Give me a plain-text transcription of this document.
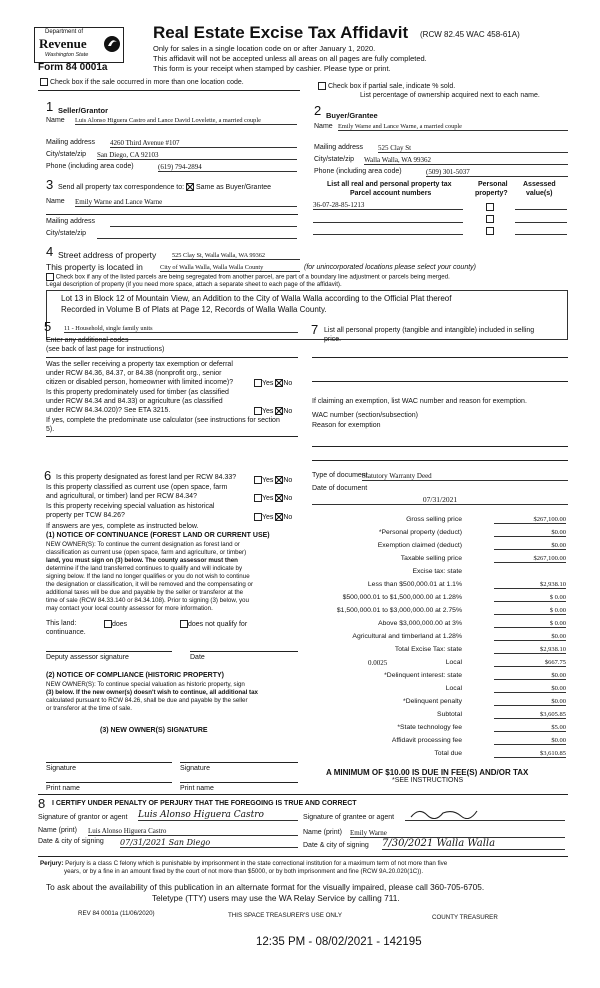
Department of
Revenue
Washington State
Form 84 0001a
Real Estate Excise Tax Affidavit (RCW 82.45 WAC 458-61A)
Only for sales in a single location code on or after January 1, 2020.
This affidavit will not be accepted unless all areas on all pages are fully completed.
This form is your receipt when stamped by cashier. Please type or print.
Check box if the sale occurred in more than one location code.
Check box if partial sale, indicate % sold.
List percentage of ownership acquired next to each name.
1 Seller/Grantor
Name Luis Alonso Higuera Castro and Lance David Lovelette, a married couple
Mailing address 4260 Third Avenue #107
City/state/zip San Diego, CA 92103
Phone (including area code)	(619) 794-2894
2 Buyer/Grantee
Name Emily Warne and Lance Warne, a married couple
Mailing address 525 Clay St
City/state/zip Walla Walla, WA 99362
Phone (including area code)	(509) 301-5037
3 Send all property tax correspondence to: Same as Buyer/Grantee
Name Emily Warne and Lance Warne
Mailing address
City/state/zip
List all real and personal property tax
Parcel account numbers
Personal
property?
Assessed
value(s)
36-07-28-85-1213
4 Street address of property 525 Clay St, Walla Walla, WA 99362
This property is located in	City of Walla Walla, Walla Walla County	(for unincorporated locations please select your county)
Check box if any of the listed parcels are being segregated from another parcel, are part of a boundary line adjustment or parcels being merged.
Legal description of property (if you need more space, attach a separate sheet to each page of the affidavit).
Lot 13 in Block 12 of Mountain View, an Addition to the City of Walla Walla according to the Official Plat thereof
Recorded in Volume B of Plats at Page 12, Records of Walla Walla County.
5 11 - Household, single family units
Enter any additional codes
(see back of last page for instructions)
Was the seller receiving a property tax exemption or deferral
under RCW 84.36, 84.37, or 84.38 (nonprofit org., senior
citizen or disabled person, homeowner with limited income)?	Yes No
Is this property predominately used for timber (as classified
under RCW 84.34 and 84.33) or agriculture (as classified
under RCW 84.34.020)? See ETA 3215.	Yes No
If yes, complete the predominate use calculator (see instructions for section
5).
6 Is this property designated as forest land per RCW 84.33?	Yes No
Is this property classified as current use (open space, farm
and agricultural, or timber) land per RCW 84.34?	Yes No
Is this property receiving special valuation as historical
property per TCW 84.26?	Yes No
If answers are yes, complete as instructed below.
(1) NOTICE OF CONTINUANCE (FOREST LAND OR CURRENT USE)
NEW OWNER(S): To continue the current designation as forest land or
classification as current use (open space, farm and agriculture, or timber)
land, you must sign on (3) below. The county assessor must then
determine if the land transferred continues to qualify and will indicate by
signing below. If the land no longer qualifies or you do not wish to continue
the designation or classification, it will be removed and the compensating or
additional taxes will be due and payable by the seller or transferor at the
time of sale (RCW 84.33.140 or 84.34.108). Prior to signing (3) below, you
may contact your local county assessor for more information.
This land:
continuance.
does	does not qualify for
Deputy assessor signature	Date
(2) NOTICE OF COMPLIANCE (HISTORIC PROPERTY)
NEW OWNER(S): To continue special valuation as historic property, sign
(3) below. If the new owner(s) doesn't wish to continue, all additional tax
calculated pursuant to RCW 84.26, shall be due and payable by the seller
or transferor at the time of sale.
(3) NEW OWNER(S) SIGNATURE
Signature	Signature
Print name	Print name
7 List all personal property (tangible and intangible) included in selling
price.
If claiming an exemption, list WAC number and reason for exemption.
WAC number (section/subsection)
Reason for exemption
Type of document
Statutory Warranty Deed
Date of document
07/31/2021
Gross selling price	$267,100.00
*Personal property (deduct)	$0.00
Exemption claimed (deduct)	$0.00
Taxable selling price	$267,100.00
Excise tax: state
Less than $500,000.01 at 1.1%	$2,938.10
$500,000.01 to $1,500,000.00 at 1.28%	$ 0.00
$1,500,000.01 to $3,000,000.00 at 2.75%	$ 0.00
Above $3,000,000.00 at 3%	$ 0.00
Agricultural and timberland at 1.28%	$0.00
Total Excise Tax: state	$2,938.10
0.0025	Local	$667.75
*Delinquent interest: state	$0.00
Local	$0.00
*Delinquent penalty	$0.00
Subtotal	$3,605.85
*State technology fee	$5.00
Affidavit processing fee	$0.00
Total due	$3,610.85
A MINIMUM OF $10.00 IS DUE IN FEE(S) AND/OR TAX
*SEE INSTRUCTIONS
8 I CERTIFY UNDER PENALTY OF PERJURY THAT THE FOREGOING IS TRUE AND CORRECT
Signature of grantor or agent Luis Alonso Higuera Castro	Signature of grantee or agent
Name (print) Luis Alonso Higuera Castro	Name (print) Emily Warne
Date & city of signing 07/31/2021 San Diego	Date & city of signing 7/30/2021 Walla Walla
Perjury: Perjury is a class C felony which is punishable by imprisonment in the state correctional institution for a maximum term of not more than five
years, or by a fine in an amount fixed by the court of not more than $5000, or by both imprisonment and fine (RCW 9A.20.020(1C)).
To ask about the availability of this publication in an alternate format for the visually impaired, please call 360-705-6705.
Teletype (TTY) users may use the WA Relay Service by calling 711.
REV 84 0001a (11/06/2020)	THIS SPACE TREASURER'S USE ONLY	COUNTY TREASURER
12:35 PM - 08/02/2021 - 142195
